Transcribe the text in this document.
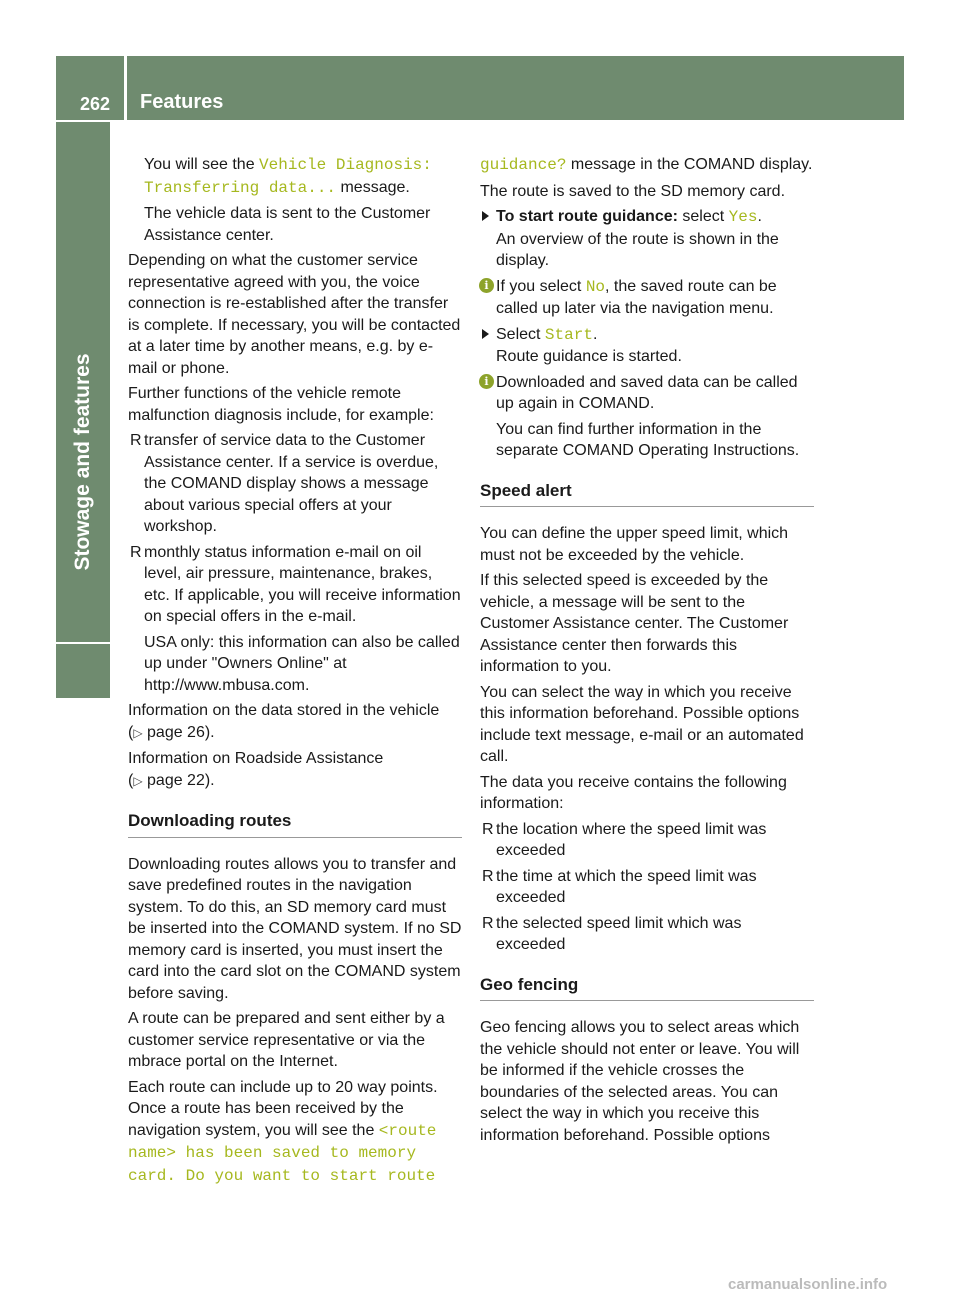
262 Features
Stowage and features

You will see the Vehicle Diagnosis:
Transferring data... message.

The vehicle data is sent to the Customer Assistance center.

Depending on what the customer service representative agreed with you, the voice connection is re-established after the transfer is complete. If necessary, you will be contacted at a later time by another means, e.g. by e-mail or phone.

Further functions of the vehicle remote malfunction diagnosis include, for example:

R transfer of service data to the Customer Assistance center. If a service is overdue, the COMAND display shows a message about various special offers at your workshop.

R monthly status information e-mail on oil level, air pressure, maintenance, brakes, etc. If applicable, you will receive information on special offers in the e-mail.

USA only: this information can also be called up under "Owners Online" at http://www.mbusa.com.

Information on the data stored in the vehicle
(▷ page 26).

Information on Roadside Assistance
(▷ page 22).

Downloading routes

Downloading routes allows you to transfer and save predefined routes in the navigation system. To do this, an SD memory card must be inserted into the COMAND system. If no SD memory card is inserted, you must insert the card into the card slot on the COMAND system before saving.

A route can be prepared and sent either by a customer service representative or via the mbrace portal on the Internet.

Each route can include up to 20 way points. Once a route has been received by the navigation system, you will see the <route name> has been saved to memory card. Do you want to start route

guidance? message in the COMAND display.

The route is saved to the SD memory card.

To start route guidance: select Yes.
An overview of the route is shown in the display.

i If you select No, the saved route can be called up later via the navigation menu.

Select Start.
Route guidance is started.

i Downloaded and saved data can be called up again in COMAND.

You can find further information in the separate COMAND Operating Instructions.

Speed alert

You can define the upper speed limit, which must not be exceeded by the vehicle.

If this selected speed is exceeded by the vehicle, a message will be sent to the Customer Assistance center. The Customer Assistance center then forwards this information to you.

You can select the way in which you receive this information beforehand. Possible options include text message, e-mail or an automated call.

The data you receive contains the following information:

R the location where the speed limit was exceeded

R the time at which the speed limit was exceeded

R the selected speed limit which was exceeded

Geo fencing

Geo fencing allows you to select areas which the vehicle should not enter or leave. You will be informed if the vehicle crosses the boundaries of the selected areas. You can select the way in which you receive this information beforehand. Possible options

carmanualsonline.info
